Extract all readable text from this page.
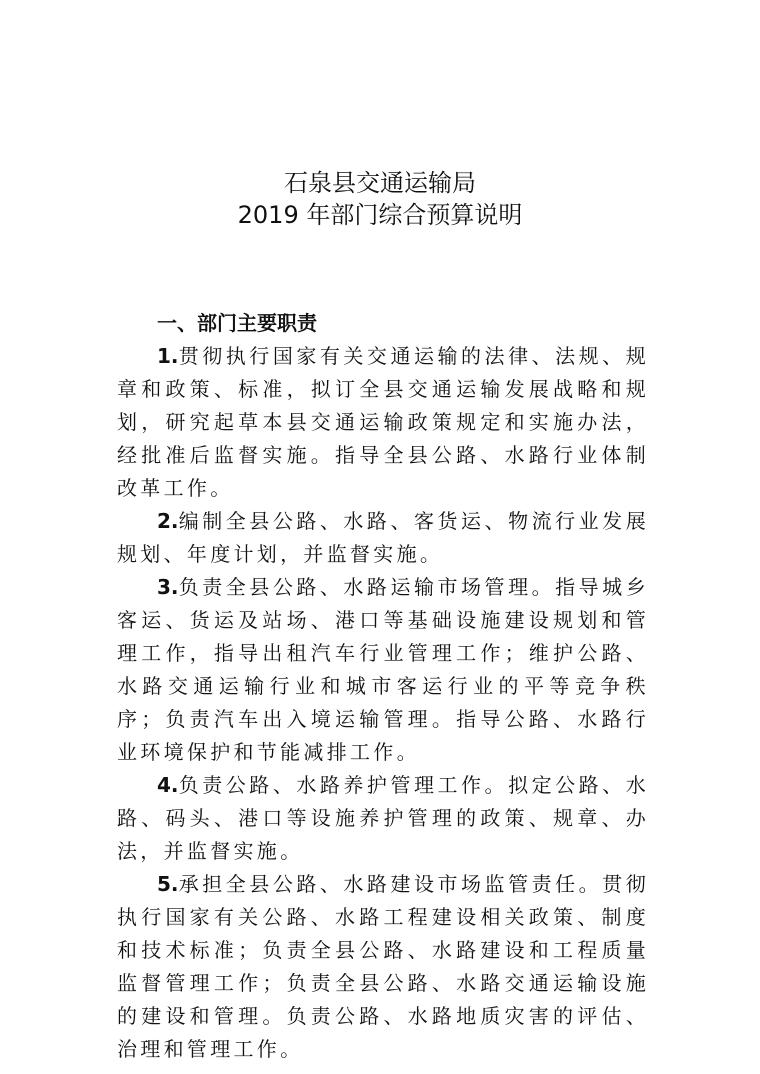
石泉县交通运输局
2019 年部门综合预算说明

一、部门主要职责

1.贯彻执行国家有关交通运输的法律、法规、规章和政策、标准，拟订全县交通运输发展战略和规划，研究起草本县交通运输政策规定和实施办法，经批准后监督实施。指导全县公路、水路行业体制改革工作。

2.编制全县公路、水路、客货运、物流行业发展规划、年度计划，并监督实施。

3.负责全县公路、水路运输市场管理。指导城乡客运、货运及站场、港口等基础设施建设规划和管理工作，指导出租汽车行业管理工作；维护公路、水路交通运输行业和城市客运行业的平等竞争秩序；负责汽车出入境运输管理。指导公路、水路行业环境保护和节能减排工作。

4.负责公路、水路养护管理工作。拟定公路、水路、码头、港口等设施养护管理的政策、规章、办法，并监督实施。

5.承担全县公路、水路建设市场监管责任。贯彻执行国家有关公路、水路工程建设相关政策、制度和技术标准；负责全县公路、水路建设和工程质量监督管理工作；负责全县公路、水路交通运输设施的建设和管理。负责公路、水路地质灾害的评估、治理和管理工作。
